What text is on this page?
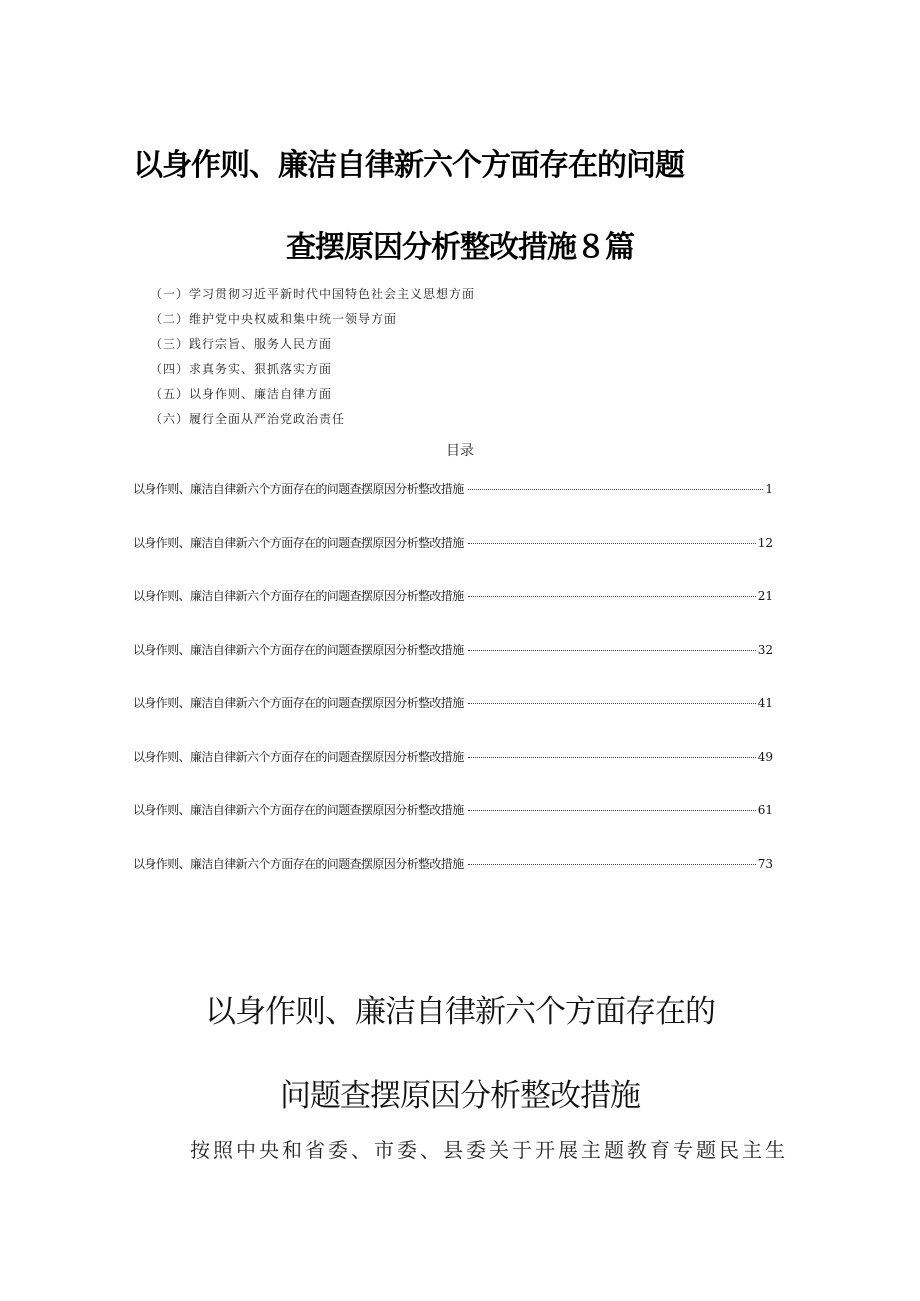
以身作则、廉洁自律新六个方面存在的问题
查摆原因分析整改措施８篇
（一）学习贯彻习近平新时代中国特色社会主义思想方面
（二）维护党中央权威和集中统一领导方面
（三）践行宗旨、服务人民方面
（四）求真务实、狠抓落实方面
（五）以身作则、廉洁自律方面
（六）履行全面从严治党政治责任
目录
以身作则、廉洁自律新六个方面存在的问题查摆原因分析整改措施	1
以身作则、廉洁自律新六个方面存在的问题查摆原因分析整改措施	12
以身作则、廉洁自律新六个方面存在的问题查摆原因分析整改措施	21
以身作则、廉洁自律新六个方面存在的问题查摆原因分析整改措施	32
以身作则、廉洁自律新六个方面存在的问题查摆原因分析整改措施	41
以身作则、廉洁自律新六个方面存在的问题查摆原因分析整改措施	49
以身作则、廉洁自律新六个方面存在的问题查摆原因分析整改措施	61
以身作则、廉洁自律新六个方面存在的问题查摆原因分析整改措施	73
以身作则、廉洁自律新六个方面存在的
问题查摆原因分析整改措施
按照中央和省委、市委、县委关于开展主题教育专题民主生
